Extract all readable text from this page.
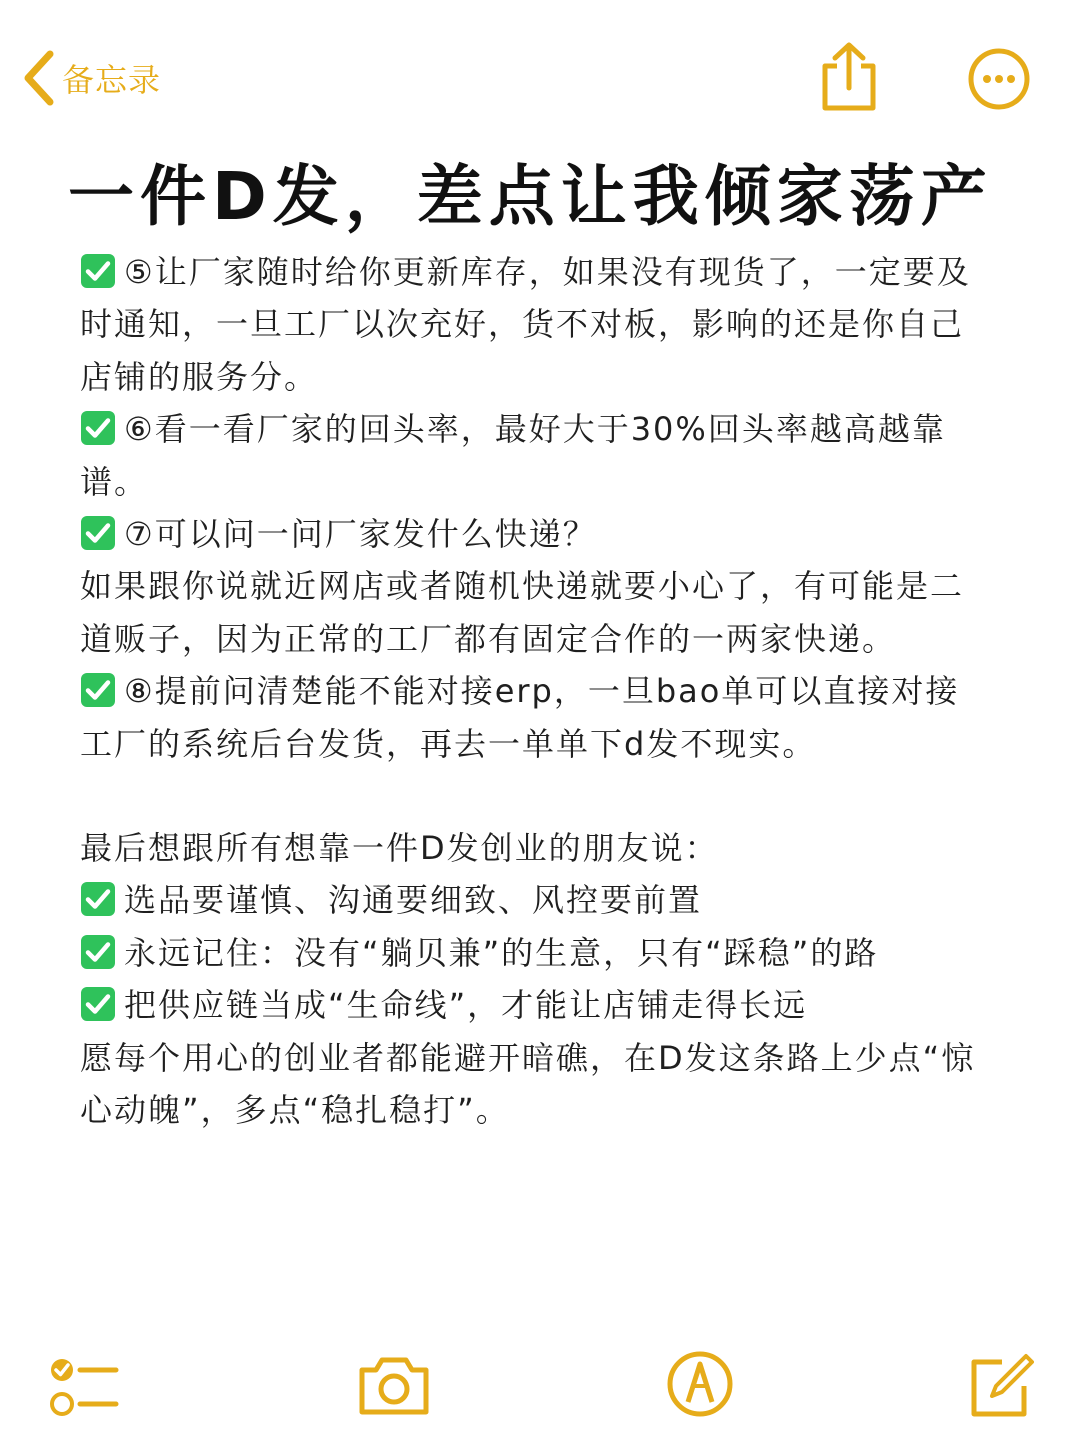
备忘录
一件D发，差点让我倾家荡产
⑤让厂家随时给你更新库存，如果没有现货了，一定要及时通知，一旦工厂以次充好，货不对板，影响的还是你自己店铺的服务分。
⑥看一看厂家的回头率，最好大于30%回头率越高越靠谱。
⑦可以问一问厂家发什么快递？
如果跟你说就近网店或者随机快递就要小心了，有可能是二道贩子，因为正常的工厂都有固定合作的一两家快递。
⑧提前问清楚能不能对接erp，一旦bao单可以直接对接工厂的系统后台发货，再去一单单下d发不现实。
最后想跟所有想靠一件D发创业的朋友说：
选品要谨慎、沟通要细致、风控要前置
永远记住：没有“躺贝兼”的生意，只有“踩稳”的路
把供应链当成“生命线”，才能让店铺走得长远
愿每个用心的创业者都能避开暗礁，在D发这条路上少点“惊心动魄”，多点“稳扎稳打”。
